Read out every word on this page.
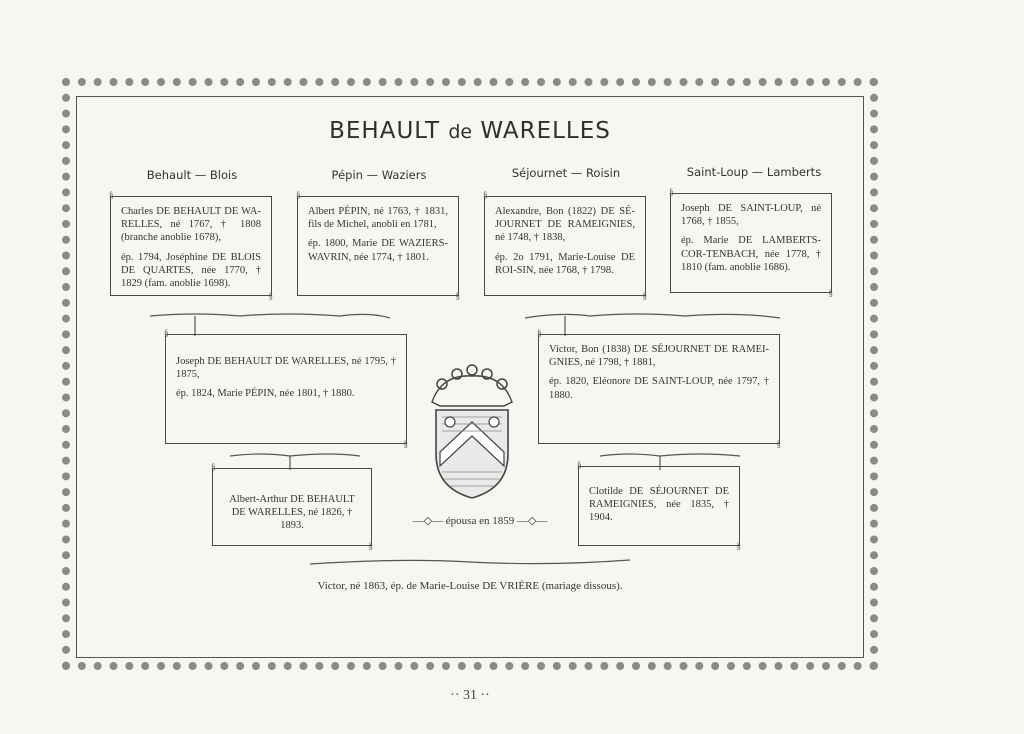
BEHAULT de WARELLES
Behault — Blois	Pépin — Waziers	Séjournet — Roisin	Saint-Loup — Lamberts

§ Charles DE BEHAULT DE WA-RELLES, né 1767, † 1808 (branche anoblie 1678),

ép. 1794, Joséphine DE BLOIS DE QUARTES, née 1770, † 1829 (fam. anoblie 1698).

§

§ Albert PÉPIN, né 1763, † 1831, fils de Michel, anobli en 1781,

ép. 1800, Marie DE WAZIERS-WAVRIN, née 1774, † 1801.

§

§ Alexandre, Bon (1822) DE SÉ-JOURNET DE RAMEIGNIES, né 1748, † 1838,

ép. 2o 1791, Marie-Louise DE ROI-SIN, née 1768, † 1798.

§

§ Joseph DE SAINT-LOUP, né 1768, † 1855,

ép. Marie DE LAMBERTS-COR-TENBACH, née 1778, † 1810 (fam. anoblie 1686).

§

§ Joseph DE BEHAULT DE WARELLES, né 1795, † 1875,

ép. 1824, Marie PÉPIN, née 1801, † 1880.

§

§ Victor, Bon (1838) DE SÉJOURNET DE RAMEI-GNIES, né 1798, † 1881,

ép. 1820, Eléonore DE SAINT-LOUP, née 1797, † 1880.

§

§ Albert-Arthur DE BEHAULT DE WARELLES, né 1826, † 1893.

§

§ Clotilde DE SÉJOURNET DE RAMEIGNIES, née 1835, † 1904.

§
—◇— épousa en 1859 —◇—
Victor, né 1863, ép. de Marie-Louise DE VRIÈRE (mariage dissous).
·· 31 ··
